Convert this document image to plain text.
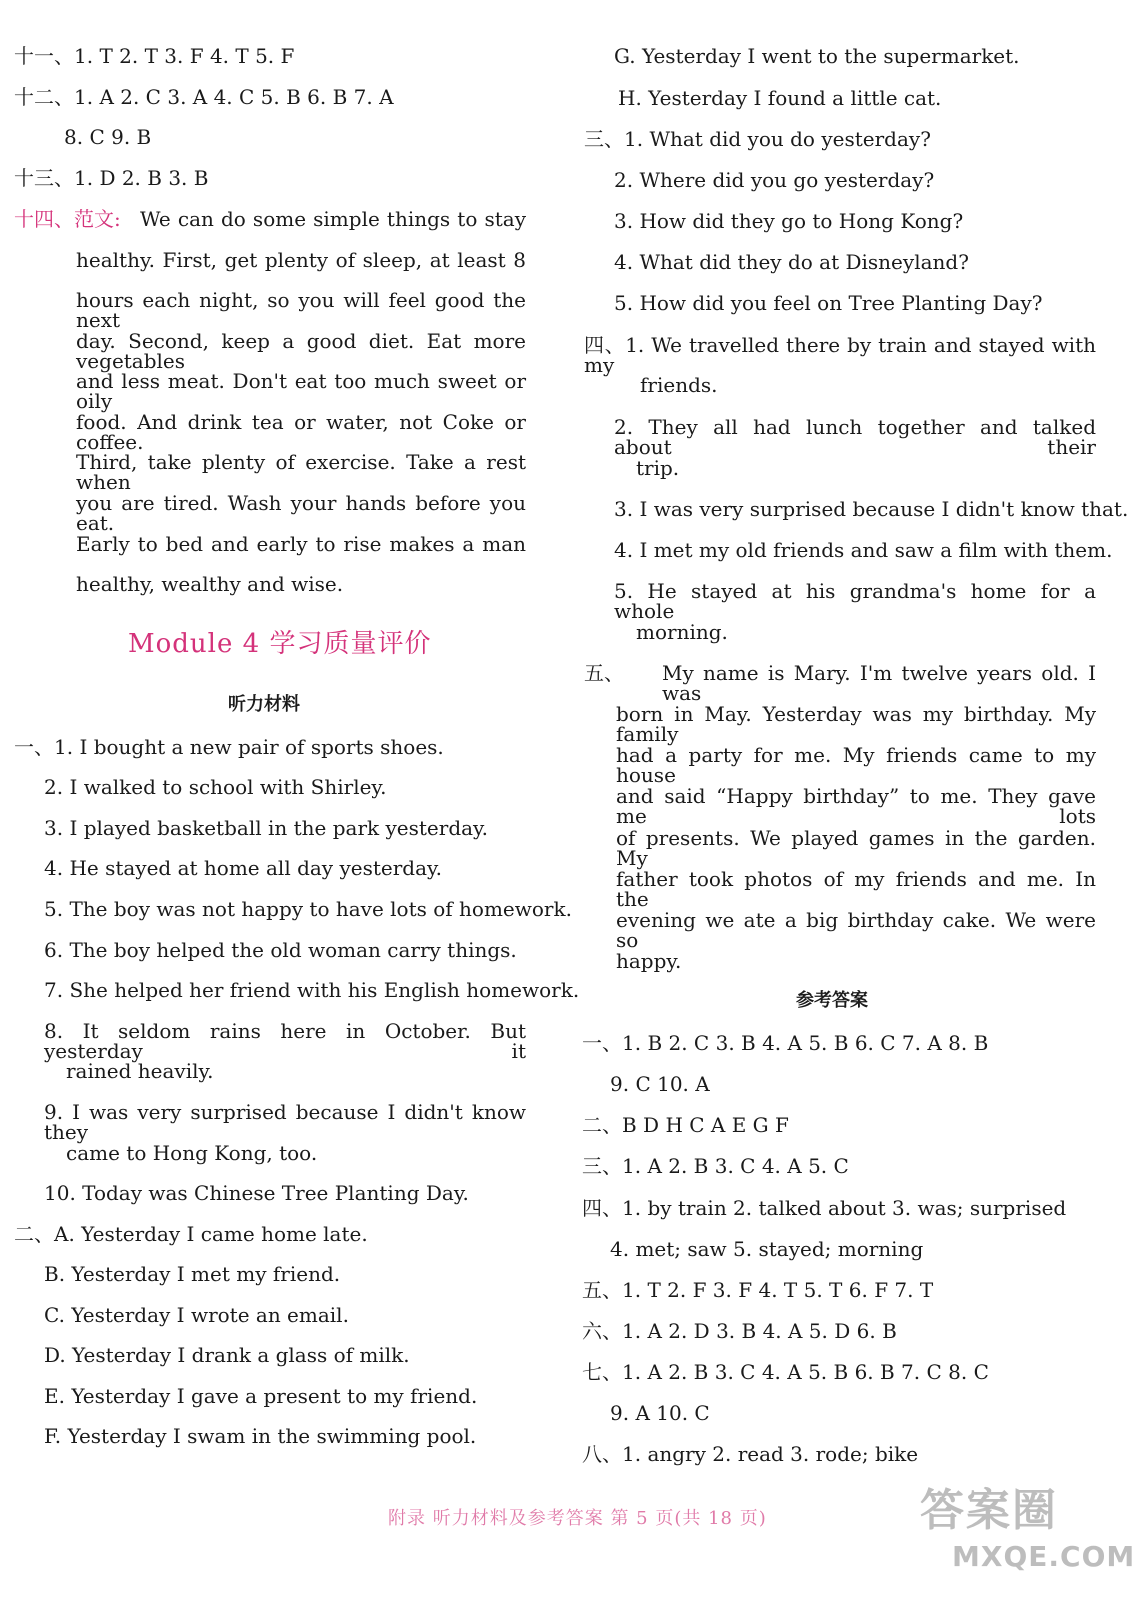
十一、1. T 2. T 3. F 4. T 5. F
十二、1. A 2. C 3. A 4. C 5. B 6. B 7. A
8. C 9. B
十三、1. D 2. B 3. B
十四、范文: We can do some simple things to stay
healthy. First, get plenty of sleep, at least 8
hours each night, so you will feel good the next
day. Second, keep a good diet. Eat more vegetables
and less meat. Don't eat too much sweet or oily
food. And drink tea or water, not Coke or coffee.
Third, take plenty of exercise. Take a rest when
you are tired. Wash your hands before you eat.
Early to bed and early to rise makes a man
healthy, wealthy and wise.
Module 4 学习质量评价
听力材料
一、1. I bought a new pair of sports shoes.
2. I walked to school with Shirley.
3. I played basketball in the park yesterday.
4. He stayed at home all day yesterday.
5. The boy was not happy to have lots of homework.
6. The boy helped the old woman carry things.
7. She helped her friend with his English homework.
8. It seldom rains here in October. But yesterday it
rained heavily.
9. I was very surprised because I didn't know they
came to Hong Kong, too.
10. Today was Chinese Tree Planting Day.
二、A. Yesterday I came home late.
B. Yesterday I met my friend.
C. Yesterday I wrote an email.
D. Yesterday I drank a glass of milk.
E. Yesterday I gave a present to my friend.
F. Yesterday I swam in the swimming pool.
G. Yesterday I went to the supermarket.
H. Yesterday I found a little cat.
三、1. What did you do yesterday?
2. Where did you go yesterday?
3. How did they go to Hong Kong?
4. What did they do at Disneyland?
5. How did you feel on Tree Planting Day?
四、1. We travelled there by train and stayed with my
friends.
2. They all had lunch together and talked about their
trip.
3. I was very surprised because I didn't know that.
4. I met my old friends and saw a film with them.
5. He stayed at his grandma's home for a whole
morning.
五、 My name is Mary. I'm twelve years old. I was
born in May. Yesterday was my birthday. My family
had a party for me. My friends came to my house
and said “Happy birthday” to me. They gave me lots
of presents. We played games in the garden. My
father took photos of my friends and me. In the
evening we ate a big birthday cake. We were so
happy.
参考答案
一、1. B 2. C 3. B 4. A 5. B 6. C 7. A 8. B
9. C 10. A
二、B D H C A E G F
三、1. A 2. B 3. C 4. A 5. C
四、1. by train 2. talked about 3. was; surprised
4. met; saw 5. stayed; morning
五、1. T 2. F 3. F 4. T 5. T 6. F 7. T
六、1. A 2. D 3. B 4. A 5. D 6. B
七、1. A 2. B 3. C 4. A 5. B 6. B 7. C 8. C
9. A 10. C
八、1. angry 2. read 3. rode; bike
附录 听力材料及参考答案 第 5 页(共 18 页)	答案圈
MXQE.COM
